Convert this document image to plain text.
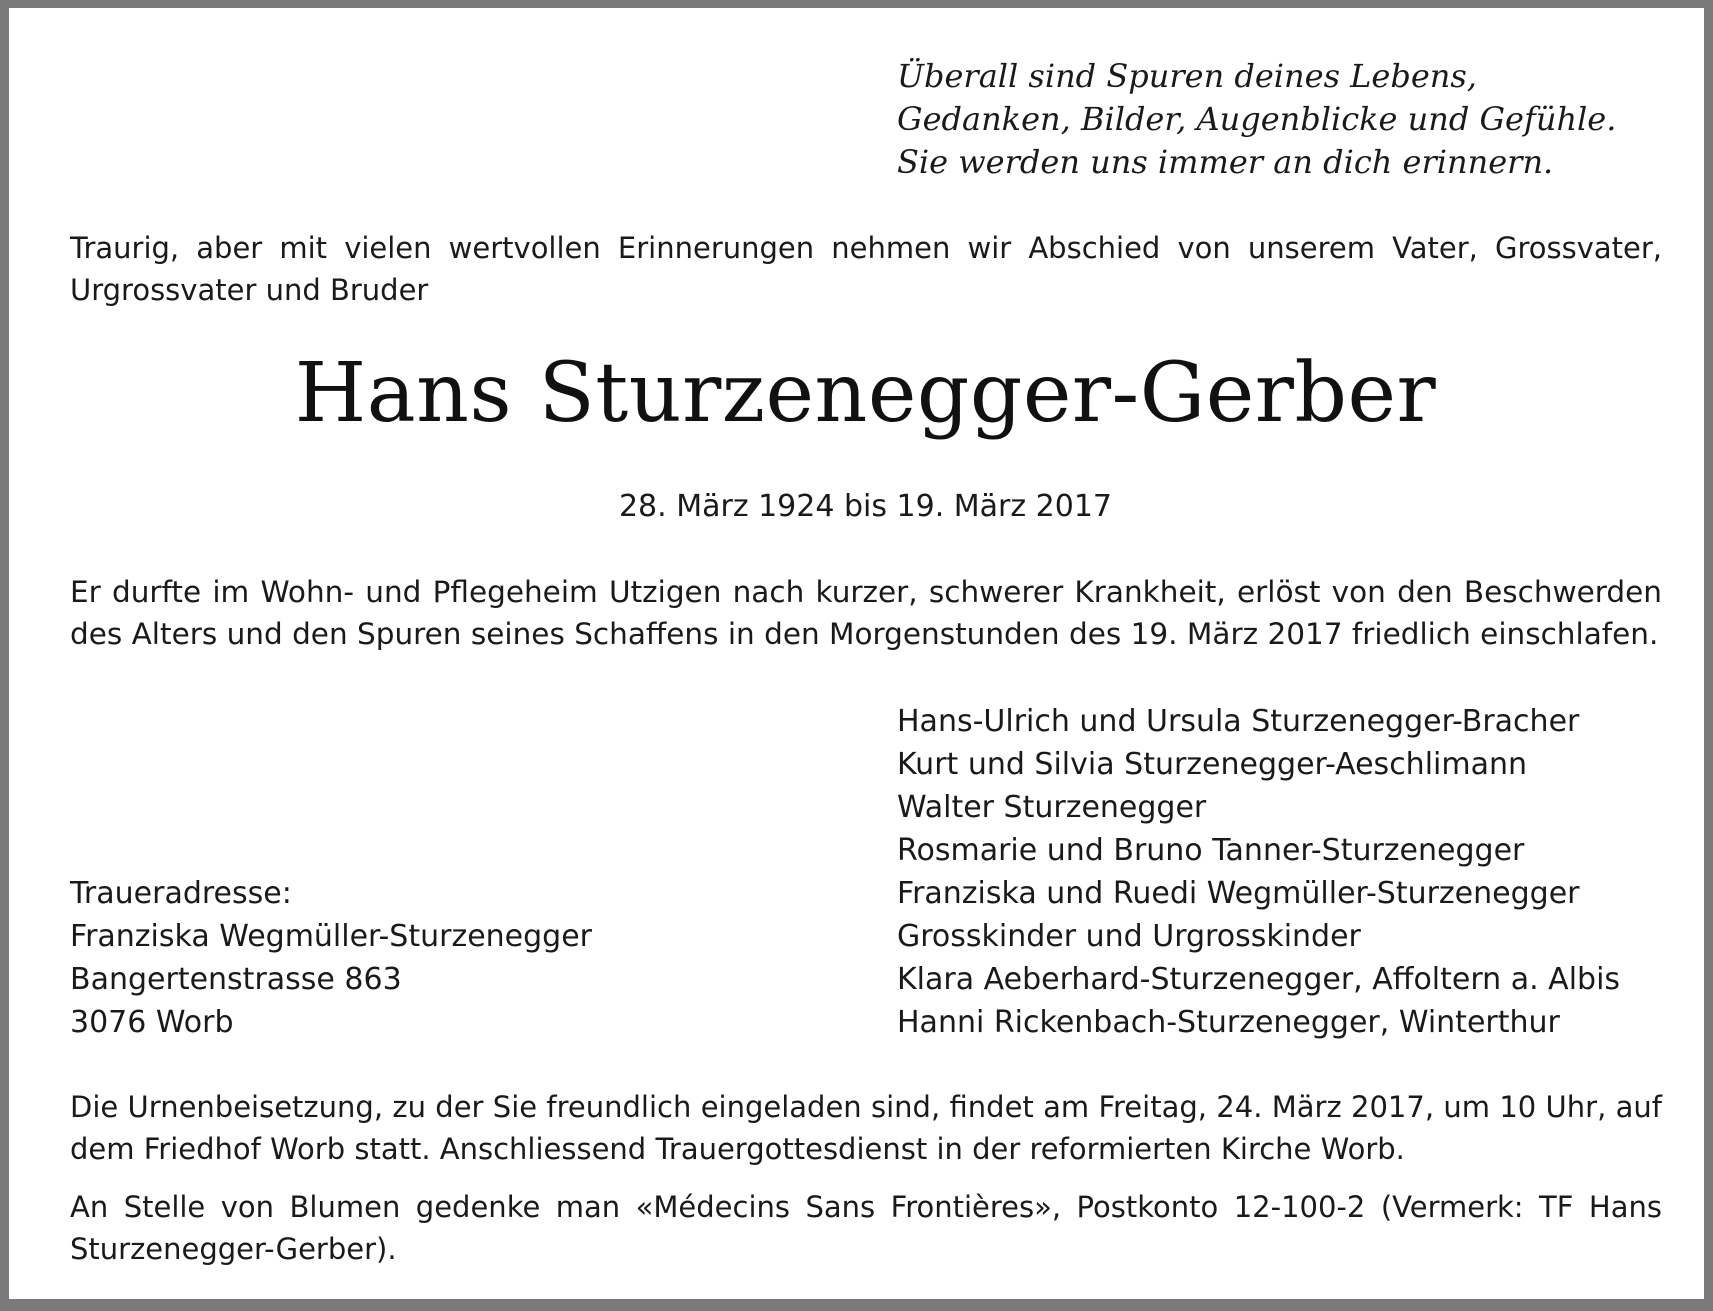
Überall sind Spuren deines Lebens,
Gedanken, Bilder, Augenblicke und Gefühle.
Sie werden uns immer an dich erinnern.
Traurig, aber mit vielen wertvollen Erinnerungen nehmen wir Abschied von unserem Vater, Grossvater, Urgrossvater und Bruder
Hans Sturzenegger-Gerber
28. März 1924 bis 19. März 2017
Er durfte im Wohn- und Pflegeheim Utzigen nach kurzer, schwerer Krankheit, erlöst von den Beschwerden des Alters und den Spuren seines Schaffens in den Morgenstunden des 19. März 2017 friedlich einschlafen.
Hans-Ulrich und Ursula Sturzenegger-Bracher
Kurt und Silvia Sturzenegger-Aeschlimann
Walter Sturzenegger
Rosmarie und Bruno Tanner-Sturzenegger
Franziska und Ruedi Wegmüller-Sturzenegger
Grosskinder und Urgrosskinder
Klara Aeberhard-Sturzenegger, Affoltern a. Albis
Hanni Rickenbach-Sturzenegger, Winterthur
Traueradresse:
Franziska Wegmüller-Sturzenegger
Bangertenstrasse 863
3076 Worb
Die Urnenbeisetzung, zu der Sie freundlich eingeladen sind, findet am Freitag, 24. März 2017, um 10 Uhr, auf dem Friedhof Worb statt. Anschliessend Trauergottesdienst in der reformierten Kirche Worb.
An Stelle von Blumen gedenke man «Médecins Sans Frontières», Postkonto 12-100-2 (Vermerk: TF Hans Sturzenegger-Gerber).
